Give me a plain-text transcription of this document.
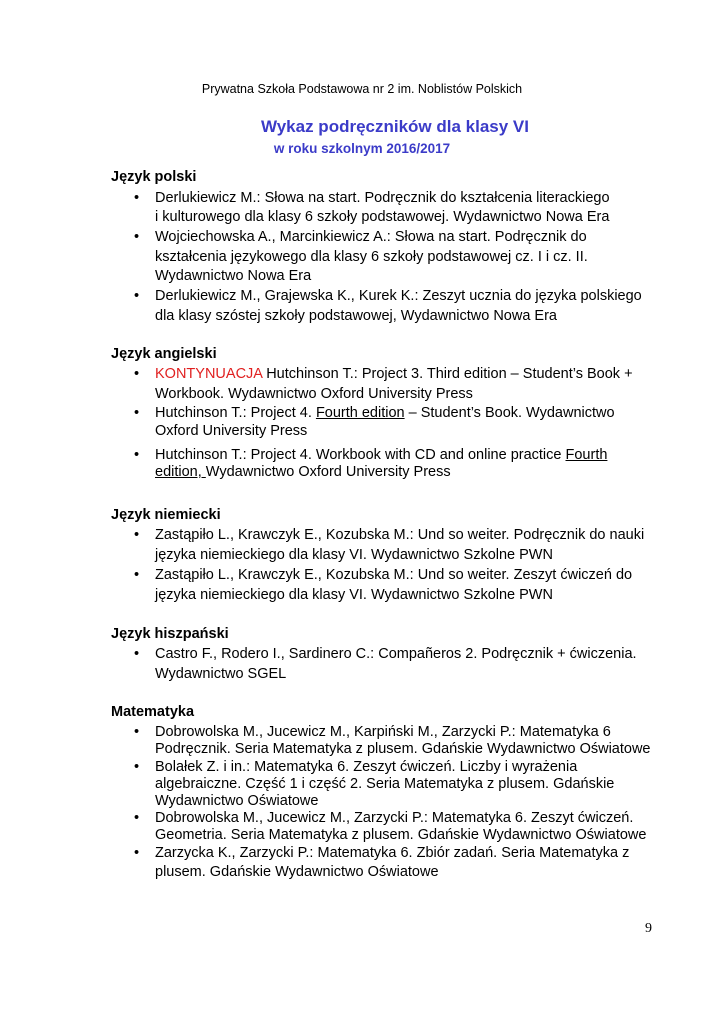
Prywatna Szkoła Podstawowa nr 2 im. Noblistów Polskich
Wykaz podręczników dla klasy VI
w roku szkolnym 2016/2017
Język polski
• Derlukiewicz M.: Słowa na start. Podręcznik do kształcenia literackiego
i kulturowego dla klasy 6 szkoły podstawowej. Wydawnictwo Nowa Era
• Wojciechowska A., Marcinkiewicz A.: Słowa na start. Podręcznik do
kształcenia językowego dla klasy 6 szkoły podstawowej cz. I i cz. II.
Wydawnictwo Nowa Era
• Derlukiewicz M., Grajewska K., Kurek K.: Zeszyt ucznia do języka polskiego
dla klasy szóstej szkoły podstawowej, Wydawnictwo Nowa Era
Język angielski
• KONTYNUACJA Hutchinson T.: Project 3. Third edition – Student’s Book +
Workbook. Wydawnictwo Oxford University Press
• Hutchinson T.: Project 4. Fourth edition – Student’s Book. Wydawnictwo
Oxford University Press
• Hutchinson T.: Project 4. Workbook with CD and online practice Fourth
edition, Wydawnictwo Oxford University Press
Język niemiecki
• Zastąpiło L., Krawczyk E., Kozubska M.: Und so weiter. Podręcznik do nauki
języka niemieckiego dla klasy VI. Wydawnictwo Szkolne PWN
• Zastąpiło L., Krawczyk E., Kozubska M.: Und so weiter. Zeszyt ćwiczeń do
języka niemieckiego dla klasy VI. Wydawnictwo Szkolne PWN
Język hiszpański
• Castro F., Rodero I., Sardinero C.: Compañeros 2. Podręcznik + ćwiczenia.
Wydawnictwo SGEL
Matematyka
• Dobrowolska M., Jucewicz M., Karpiński M., Zarzycki P.: Matematyka 6
Podręcznik. Seria Matematyka z plusem. Gdańskie Wydawnictwo Oświatowe
• Bolałek Z. i in.: Matematyka 6. Zeszyt ćwiczeń. Liczby i wyrażenia
algebraiczne. Część 1 i część 2. Seria Matematyka z plusem. Gdańskie
Wydawnictwo Oświatowe
• Dobrowolska M., Jucewicz M., Zarzycki P.: Matematyka 6. Zeszyt ćwiczeń.
Geometria. Seria Matematyka z plusem. Gdańskie Wydawnictwo Oświatowe
• Zarzycka K., Zarzycki P.: Matematyka 6. Zbiór zadań. Seria Matematyka z
plusem. Gdańskie Wydawnictwo Oświatowe
9
